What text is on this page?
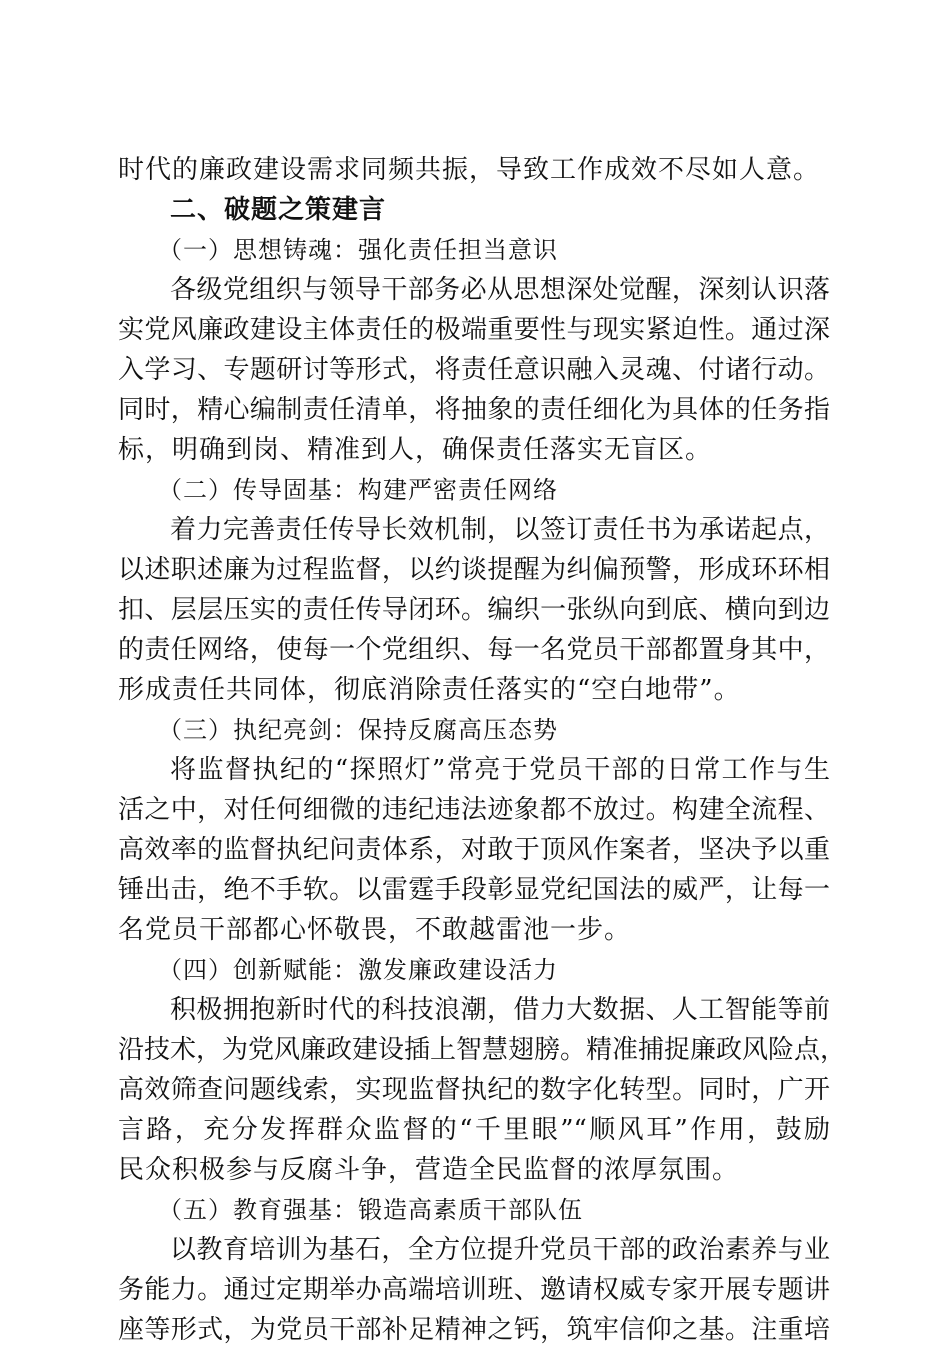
时代的廉政建设需求同频共振，导致工作成效不尽如人意。
二、破题之策建言
（一）思想铸魂：强化责任担当意识
各级党组织与领导干部务必从思想深处觉醒，深刻认识落
实党风廉政建设主体责任的极端重要性与现实紧迫性。通过深
入学习、专题研讨等形式，将责任意识融入灵魂、付诸行动。
同时，精心编制责任清单，将抽象的责任细化为具体的任务指
标，明确到岗、精准到人，确保责任落实无盲区。
（二）传导固基：构建严密责任网络
着力完善责任传导长效机制，以签订责任书为承诺起点，
以述职述廉为过程监督，以约谈提醒为纠偏预警，形成环环相
扣、层层压实的责任传导闭环。编织一张纵向到底、横向到边
的责任网络，使每一个党组织、每一名党员干部都置身其中，
形成责任共同体，彻底消除责任落实的“空白地带”。
（三）执纪亮剑：保持反腐高压态势
将监督执纪的“探照灯”常亮于党员干部的日常工作与生
活之中，对任何细微的违纪违法迹象都不放过。构建全流程、
高效率的监督执纪问责体系，对敢于顶风作案者，坚决予以重
锤出击，绝不手软。以雷霆手段彰显党纪国法的威严，让每一
名党员干部都心怀敬畏，不敢越雷池一步。
（四）创新赋能：激发廉政建设活力
积极拥抱新时代的科技浪潮，借力大数据、人工智能等前
沿技术，为党风廉政建设插上智慧翅膀。精准捕捉廉政风险点，
高效筛查问题线索，实现监督执纪的数字化转型。同时，广开
言路，充分发挥群众监督的“千里眼”“顺风耳”作用，鼓励
民众积极参与反腐斗争，营造全民监督的浓厚氛围。
（五）教育强基：锻造高素质干部队伍
以教育培训为基石，全方位提升党员干部的政治素养与业
务能力。通过定期举办高端培训班、邀请权威专家开展专题讲
座等形式，为党员干部补足精神之钙，筑牢信仰之基。注重培
